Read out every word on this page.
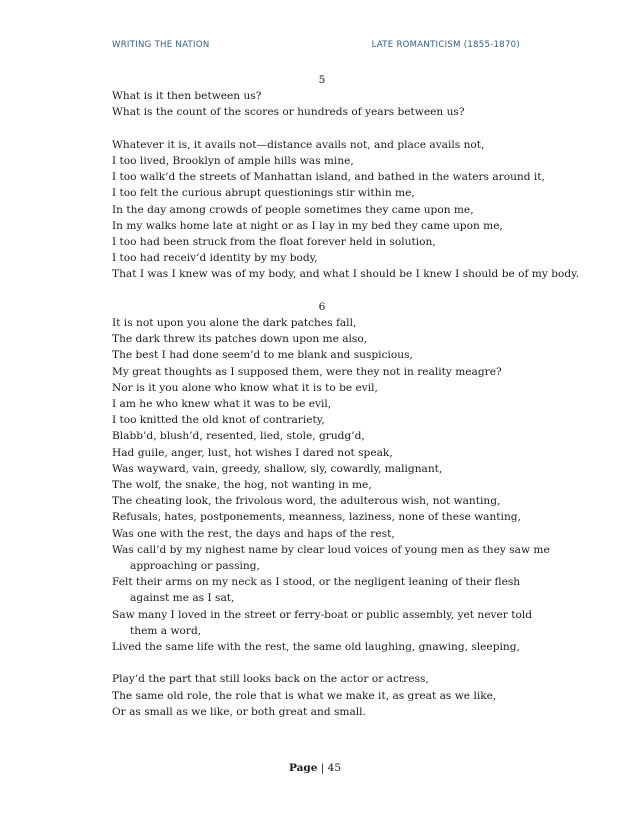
WRITING THE NATION	LATE ROMANTICISM (1855-1870)
5
What is it then between us?
What is the count of the scores or hundreds of years between us?
Whatever it is, it avails not—distance avails not, and place avails not,
I too lived, Brooklyn of ample hills was mine,
I too walk’d the streets of Manhattan island, and bathed in the waters around it,
I too felt the curious abrupt questionings stir within me,
In the day among crowds of people sometimes they came upon me,
In my walks home late at night or as I lay in my bed they came upon me,
I too had been struck from the float forever held in solution,
I too had receiv’d identity by my body,
That I was I knew was of my body, and what I should be I knew I should be of my body.
6
It is not upon you alone the dark patches fall,
The dark threw its patches down upon me also,
The best I had done seem’d to me blank and suspicious,
My great thoughts as I supposed them, were they not in reality meagre?
Nor is it you alone who know what it is to be evil,
I am he who knew what it was to be evil,
I too knitted the old knot of contrariety,
Blabb’d, blush’d, resented, lied, stole, grudg’d,
Had guile, anger, lust, hot wishes I dared not speak,
Was wayward, vain, greedy, shallow, sly, cowardly, malignant,
The wolf, the snake, the hog, not wanting in me,
The cheating look, the frivolous word, the adulterous wish, not wanting,
Refusals, hates, postponements, meanness, laziness, none of these wanting,
Was one with the rest, the days and haps of the rest,
Was call’d by my nighest name by clear loud voices of young men as they saw me
approaching or passing,
Felt their arms on my neck as I stood, or the negligent leaning of their flesh
against me as I sat,
Saw many I loved in the street or ferry-boat or public assembly, yet never told
them a word,
Lived the same life with the rest, the same old laughing, gnawing, sleeping,
Play’d the part that still looks back on the actor or actress,
The same old role, the role that is what we make it, as great as we like,
Or as small as we like, or both great and small.
Page | 45
